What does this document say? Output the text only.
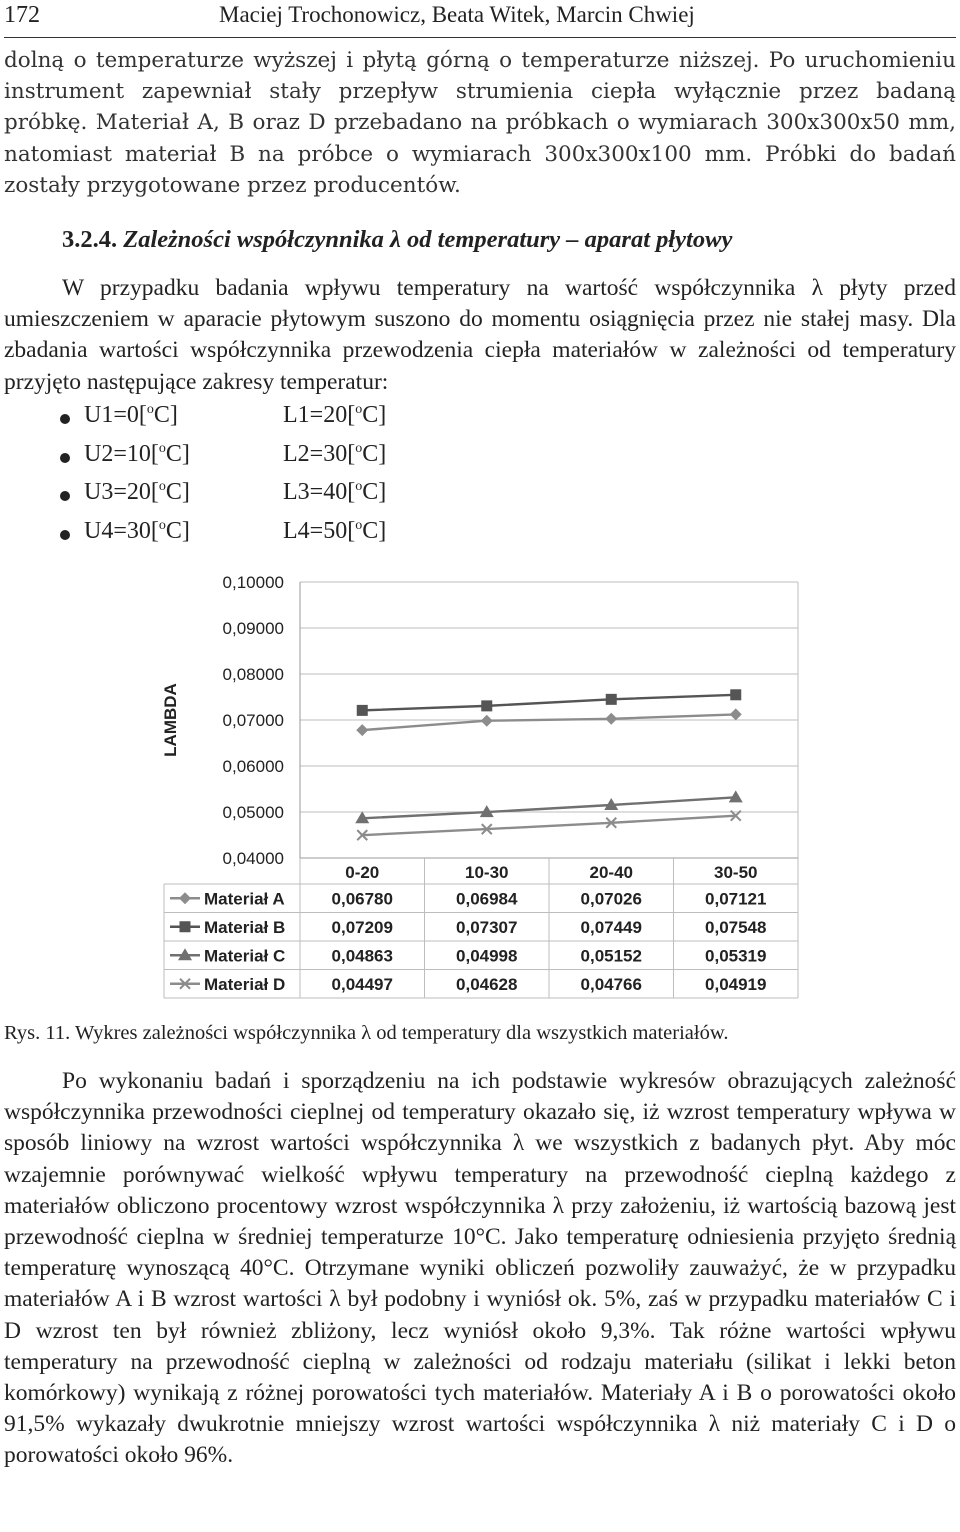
172	Maciej Trochonowicz, Beata Witek, Marcin Chwiej

dolną o temperaturze wyższej i płytą górną o temperaturze niższej. Po uruchomieniu instrument zapewniał stały przepływ strumienia ciepła wyłącznie przez badaną próbkę. Materiał A, B oraz D przebadano na próbkach o wymiarach 300x300x50 mm, natomiast materiał B na próbce o wymiarach 300x300x100 mm. Próbki do badań zostały przygotowane przez producentów.

3.2.4. Zależności współczynnika λ od temperatury – aparat płytowy

W przypadku badania wpływu temperatury na wartość współczynnika λ płyty przed umieszczeniem w aparacie płytowym suszono do momentu osiągnięcia przez nie stałej masy. Dla zbadania wartości współczynnika przewodzenia ciepła materiałów w zależności od temperatury przyjęto następujące zakresy temperatur:

U1=0[$^o$C]	L1=20[$^o$C]
U2=10[$^o$C]	L2=30[$^o$C]
U3=20[$^o$C]	L3=40[$^o$C]
U4=30[$^o$C]	L4=50[$^o$C]
0,04000
0,05000
0,06000
0,07000
0,08000
0,09000
0,10000
LAMBDA
0-20	10-30	20-40	30-50
Materiał A	0,06780	0,06984	0,07026	0,07121
Materiał B	0,07209	0,07307	0,07449	0,07548
Materiał C	0,04863	0,04998	0,05152	0,05319
Materiał D	0,04497	0,04628	0,04766	0,04919
Rys. 11. Wykres zależności współczynnika λ od temperatury dla wszystkich materiałów.

Po wykonaniu badań i sporządzeniu na ich podstawie wykresów obrazujących zależność współczynnika przewodności cieplnej od temperatury okazało się, iż wzrost temperatury wpływa w sposób liniowy na wzrost wartości współczynnika λ we wszystkich z badanych płyt. Aby móc wzajemnie porównywać wielkość wpływu temperatury na przewodność cieplną każdego z materiałów obliczono procentowy wzrost współczynnika λ przy założeniu, iż wartością bazową jest przewodność cieplna w średniej temperaturze 10°C. Jako temperaturę odniesienia przyjęto średnią temperaturę wynoszącą 40°C. Otrzymane wyniki obliczeń pozwoliły zauważyć, że w przypadku materiałów A i B wzrost wartości λ był podobny i wyniósł ok. 5%, zaś w przypadku materiałów C i D wzrost ten był również zbliżony, lecz wyniósł około 9,3%. Tak różne wartości wpływu temperatury na przewodność cieplną w zależności od rodzaju materiału (silikat i lekki beton komórkowy) wynikają z różnej porowatości tych materiałów. Materiały A i B o porowatości około 91,5% wykazały dwukrotnie mniejszy wzrost wartości współczynnika λ niż materiały C i D o porowatości około 96%.
